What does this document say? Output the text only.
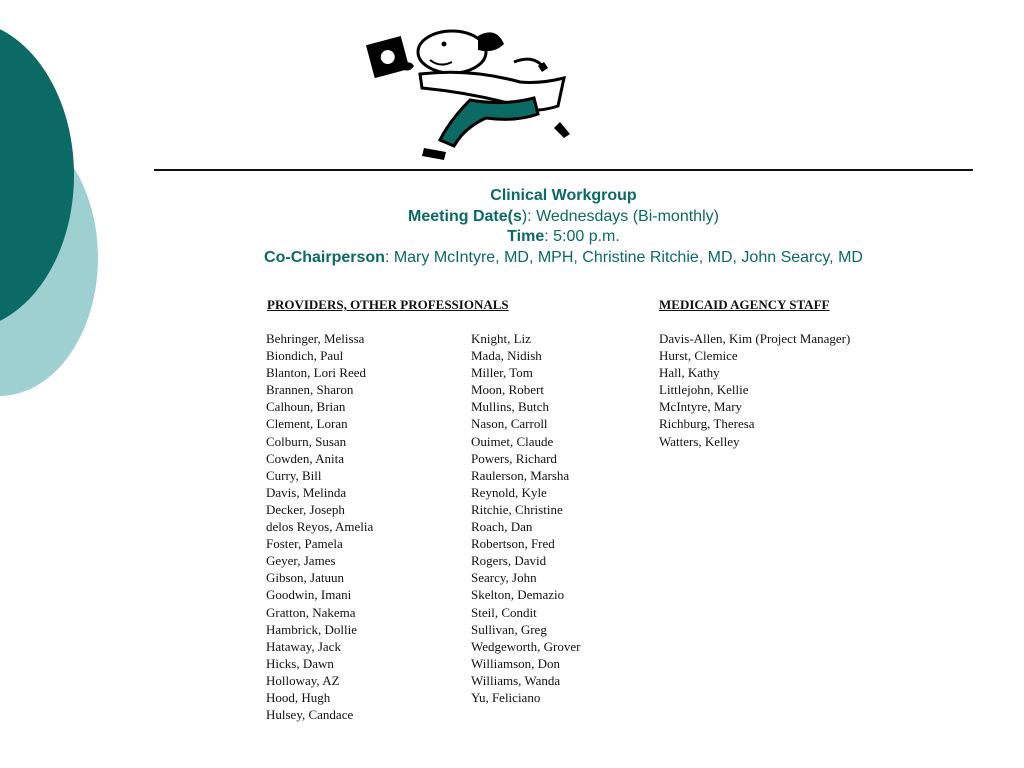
Clinical Workgroup
Meeting Date(s): Wednesdays (Bi-monthly)
Time: 5:00 p.m.
Co-Chairperson: Mary McIntyre, MD, MPH, Christine Ritchie, MD, John Searcy, MD
PROVIDERS, OTHER PROFESSIONALS
Behringer, Melissa
Biondich, Paul
Blanton, Lori Reed
Brannen, Sharon
Calhoun, Brian
Clement, Loran
Colburn, Susan
Cowden, Anita
Curry, Bill
Davis, Melinda
Decker, Joseph
delos Reyos, Amelia
Foster, Pamela
Geyer, James
Gibson, Jatuun
Goodwin, Imani
Gratton, Nakema
Hambrick, Dollie
Hataway, Jack
Hicks, Dawn
Holloway, AZ
Hood, Hugh
Hulsey, Candace
Knight, Liz
Mada, Nidish
Miller, Tom
Moon, Robert
Mullins, Butch
Nason, Carroll
Ouimet, Claude
Powers, Richard
Raulerson, Marsha
Reynold, Kyle
Ritchie, Christine
Roach, Dan
Robertson, Fred
Rogers, David
Searcy, John
Skelton, Demazio
Steil, Condit
Sullivan, Greg
Wedgeworth, Grover
Williamson, Don
Williams, Wanda
Yu, Feliciano
MEDICAID AGENCY STAFF
Davis-Allen, Kim (Project Manager)
Hurst, Clemice
Hall, Kathy
Littlejohn, Kellie
McIntyre, Mary
Richburg, Theresa
Watters, Kelley
